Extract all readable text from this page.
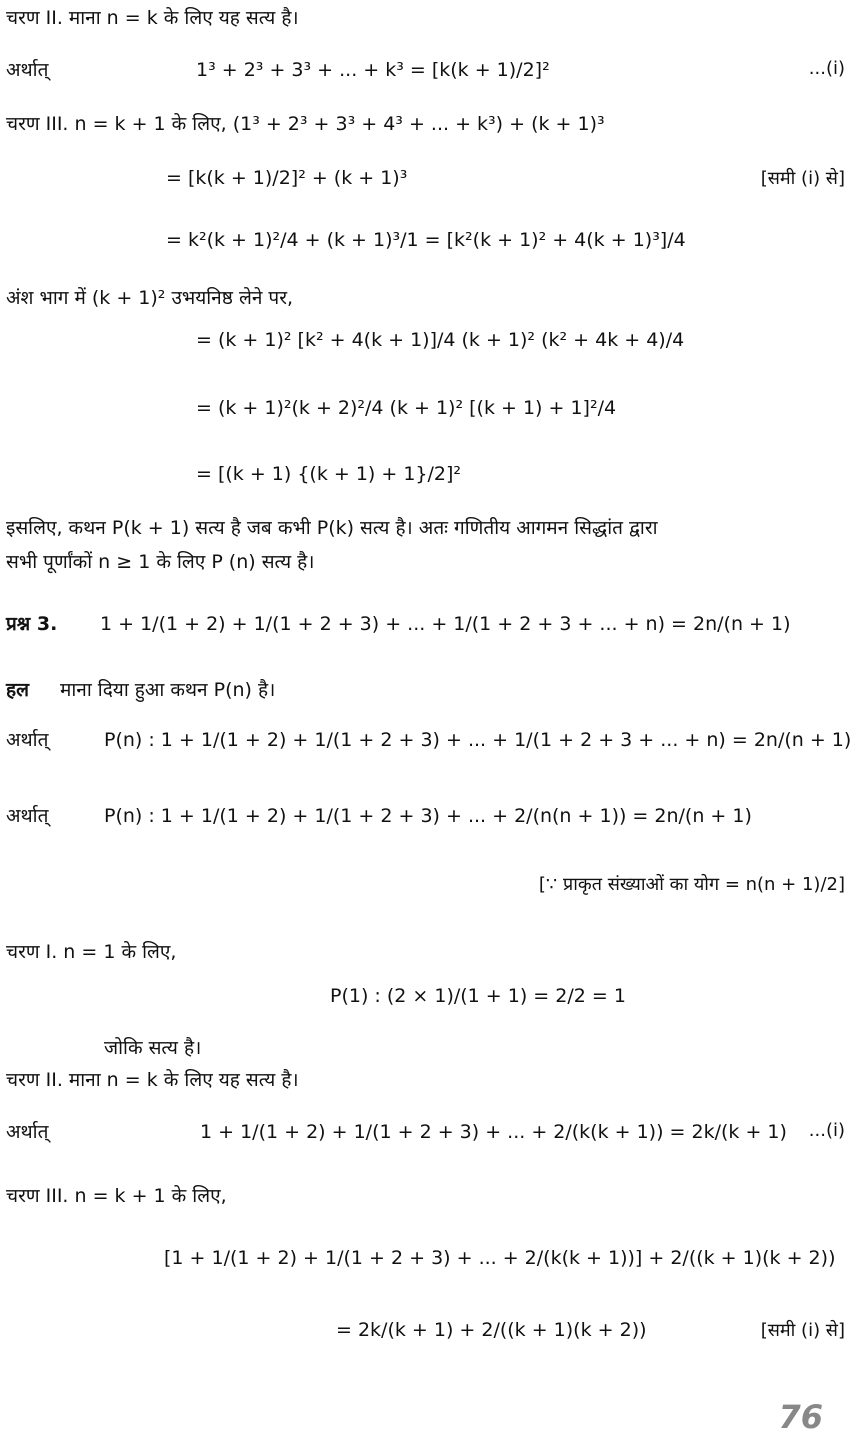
चरण II. माना n = k के लिए यह सत्य है।
अर्थात्	1³ + 2³ + 3³ + ... + k³ = [k(k + 1)/2]²	...(i)
चरण III. n = k + 1 के लिए, (1³ + 2³ + 3³ + 4³ + ... + k³) + (k + 1)³
= [k(k + 1)/2]² + (k + 1)³	[समी (i) से]
= k²(k + 1)²/4 + (k + 1)³/1 = [k²(k + 1)² + 4(k + 1)³]/4
अंश भाग में (k + 1)² उभयनिष्ठ लेने पर,
= (k + 1)² [k² + 4(k + 1)]/4 (k + 1)² (k² + 4k + 4)/4
= (k + 1)²(k + 2)²/4 (k + 1)² [(k + 1) + 1]²/4
= [(k + 1) {(k + 1) + 1}/2]²
इसलिए, कथन P(k + 1) सत्य है जब कभी P(k) सत्य है। अतः गणितीय आगमन सिद्धांत द्वारा
सभी पूर्णांकों n ≥ 1 के लिए P (n) सत्य है।
प्रश्न 3. 1 + 1/(1 + 2) + 1/(1 + 2 + 3) + ... + 1/(1 + 2 + 3 + ... + n) = 2n/(n + 1)
हल माना दिया हुआ कथन P(n) है।
अर्थात्	P(n) : 1 + 1/(1 + 2) + 1/(1 + 2 + 3) + ... + 1/(1 + 2 + 3 + ... + n) = 2n/(n + 1)
अर्थात्	P(n) : 1 + 1/(1 + 2) + 1/(1 + 2 + 3) + ... + 2/(n(n + 1)) = 2n/(n + 1)
[∵ प्राकृत संख्याओं का योग = n(n + 1)/2]
चरण I. n = 1 के लिए,
P(1) : (2 × 1)/(1 + 1) = 2/2 = 1
जोकि सत्य है।
चरण II. माना n = k के लिए यह सत्य है।
अर्थात्	1 + 1/(1 + 2) + 1/(1 + 2 + 3) + ... + 2/(k(k + 1)) = 2k/(k + 1) ...(i)
चरण III. n = k + 1 के लिए,
[1 + 1/(1 + 2) + 1/(1 + 2 + 3) + ... + 2/(k(k + 1))] + 2/((k + 1)(k + 2))
= 2k/(k + 1) + 2/((k + 1)(k + 2))	[समी (i) से]
76
